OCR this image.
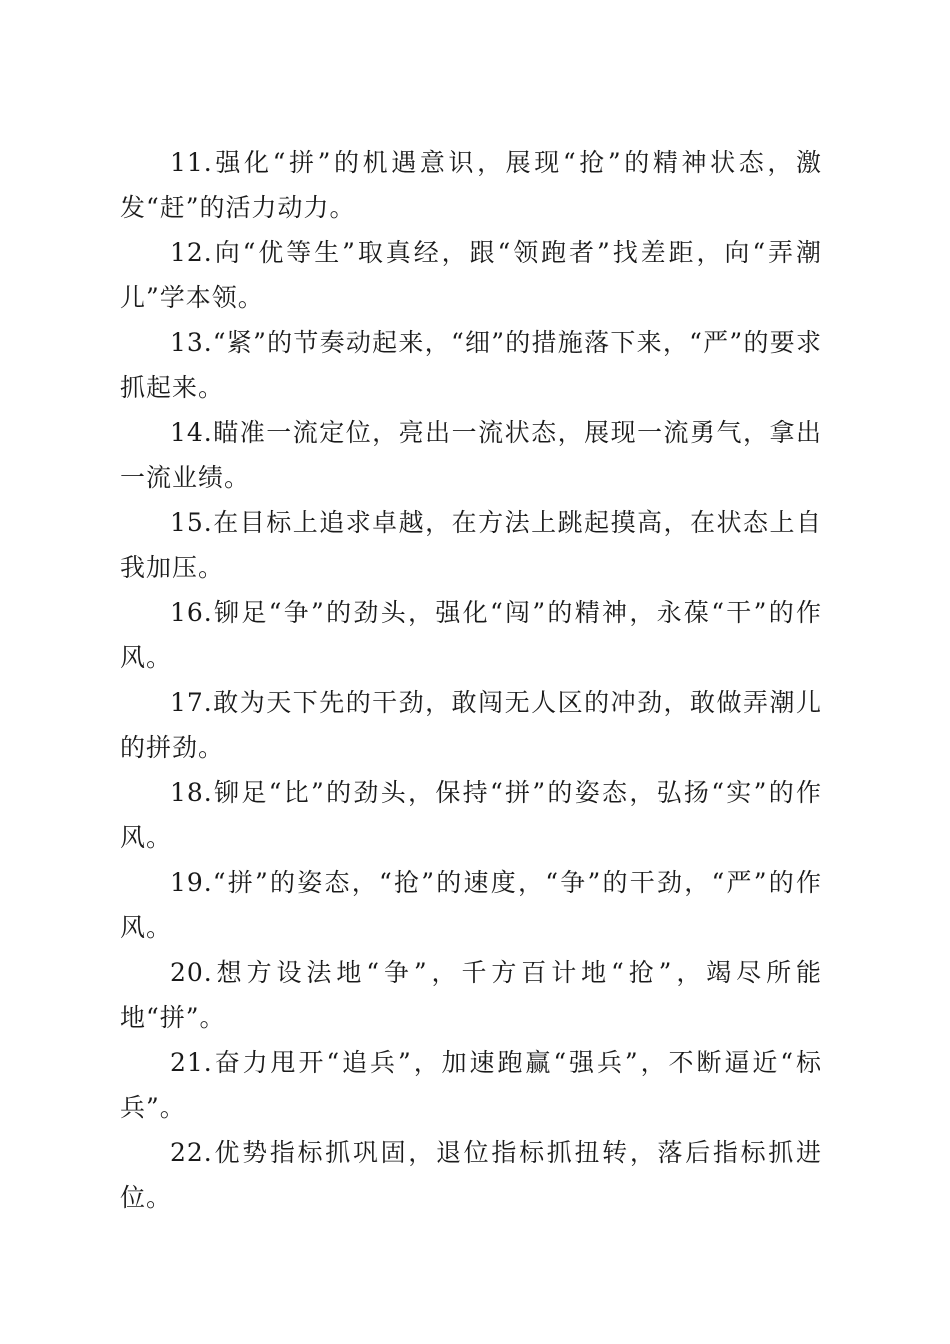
11.强化“拼”的机遇意识，展现“抢”的精神状态，激发“赶”的活力动力。

12.向“优等生”取真经，跟“领跑者”找差距，向“弄潮儿”学本领。

13.“紧”的节奏动起来，“细”的措施落下来，“严”的要求抓起来。

14.瞄准一流定位，亮出一流状态，展现一流勇气，拿出一流业绩。

15.在目标上追求卓越，在方法上跳起摸高，在状态上自我加压。

16.铆足“争”的劲头，强化“闯”的精神，永葆“干”的作风。

17.敢为天下先的干劲，敢闯无人区的冲劲，敢做弄潮儿的拼劲。

18.铆足“比”的劲头，保持“拼”的姿态，弘扬“实”的作风。

19.“拼”的姿态，“抢”的速度，“争”的干劲，“严”的作风。

20.想方设法地“争”，千方百计地“抢”，竭尽所能地“拼”。

21.奋力甩开“追兵”，加速跑赢“强兵”，不断逼近“标兵”。

22.优势指标抓巩固，退位指标抓扭转，落后指标抓进位。
